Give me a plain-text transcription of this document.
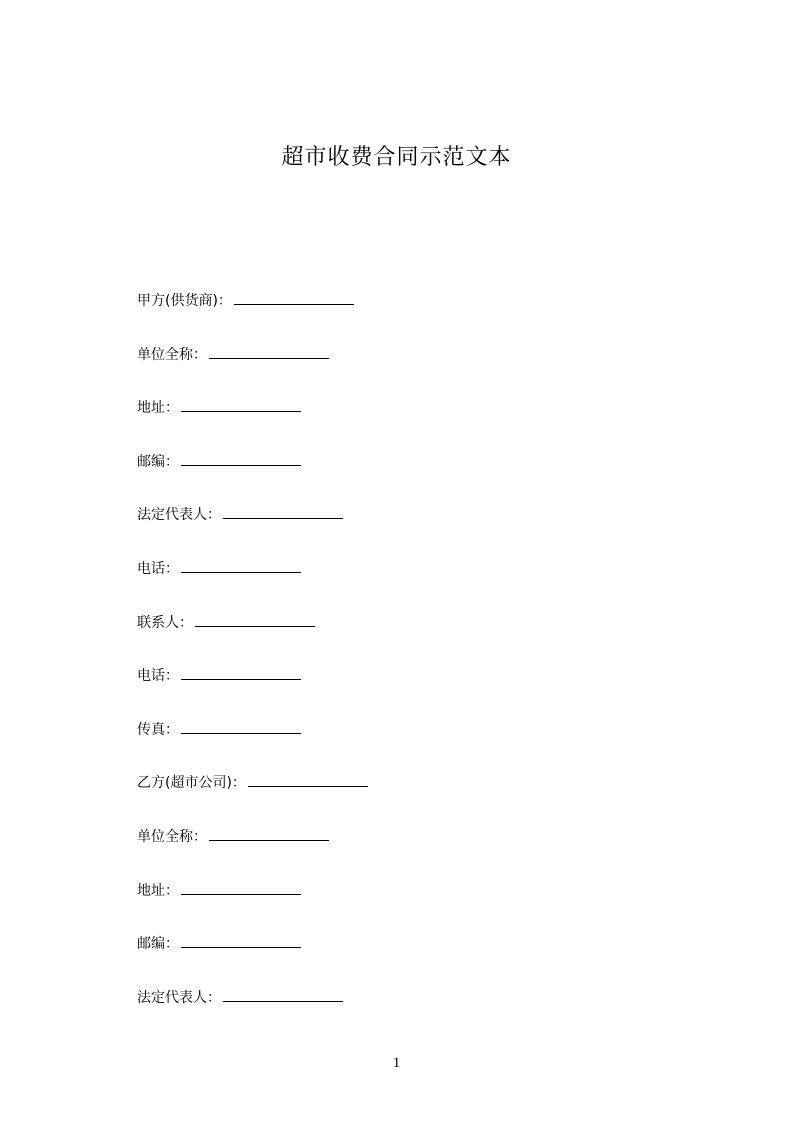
超市收费合同示范文本
甲方(供货商)：
单位全称：
地址：
邮编：
法定代表人：
电话：
联系人：
电话：
传真：
乙方(超市公司)：
单位全称：
地址：
邮编：
法定代表人：
1
